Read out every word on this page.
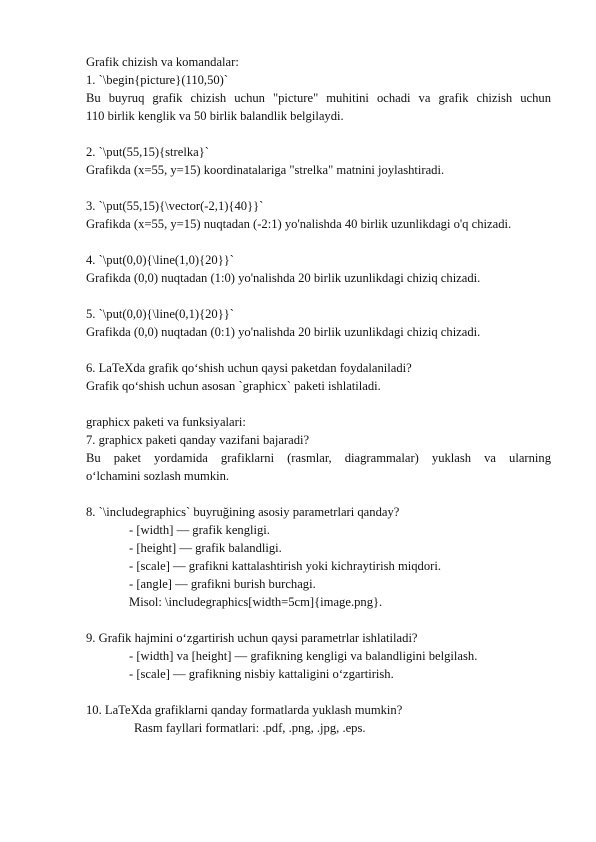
Grafik chizish va komandalar:
1. `\begin{picture}(110,50)`
Bu buyruq grafik chizish uchun "picture" muhitini ochadi va grafik chizish uchun
110 birlik kenglik va 50 birlik balandlik belgilaydi.
2. `\put(55,15){strelka}`
Grafikda (x=55, y=15) koordinatalariga "strelka" matnini joylashtiradi.
3. `\put(55,15){\vector(-2,1){40}}`
Grafikda (x=55, y=15) nuqtadan (-2:1) yo'nalishda 40 birlik uzunlikdagi o'q chizadi.
4. `\put(0,0){\line(1,0){20}}`
Grafikda (0,0) nuqtadan (1:0) yo'nalishda 20 birlik uzunlikdagi chiziq chizadi.
5. `\put(0,0){\line(0,1){20}}`
Grafikda (0,0) nuqtadan (0:1) yo'nalishda 20 birlik uzunlikdagi chiziq chizadi.
6. LaTeXda grafik qo‘shish uchun qaysi paketdan foydalaniladi?
Grafik qo‘shish uchun asosan `graphicx` paketi ishlatiladi.
graphicx paketi va funksiyalari:
7. graphicx paketi qanday vazifani bajaradi?
Bu paket yordamida grafiklarni (rasmlar, diagrammalar) yuklash va ularning
o‘lchamini sozlash mumkin.
8. `\includegraphics` buyruğining asosiy parametrlari qanday?
- [width] — grafik kengligi.
- [height] — grafik balandligi.
- [scale] — grafikni kattalashtirish yoki kichraytirish miqdori.
- [angle] — grafikni burish burchagi.
Misol: \includegraphics[width=5cm]{image.png}.
9. Grafik hajmini o‘zgartirish uchun qaysi parametrlar ishlatiladi?
- [width] va [height] — grafikning kengligi va balandligini belgilash.
- [scale] — grafikning nisbiy kattaligini o‘zgartirish.
10. LaTeXda grafiklarni qanday formatlarda yuklash mumkin?
Rasm fayllari formatlari: .pdf, .png, .jpg, .eps.
